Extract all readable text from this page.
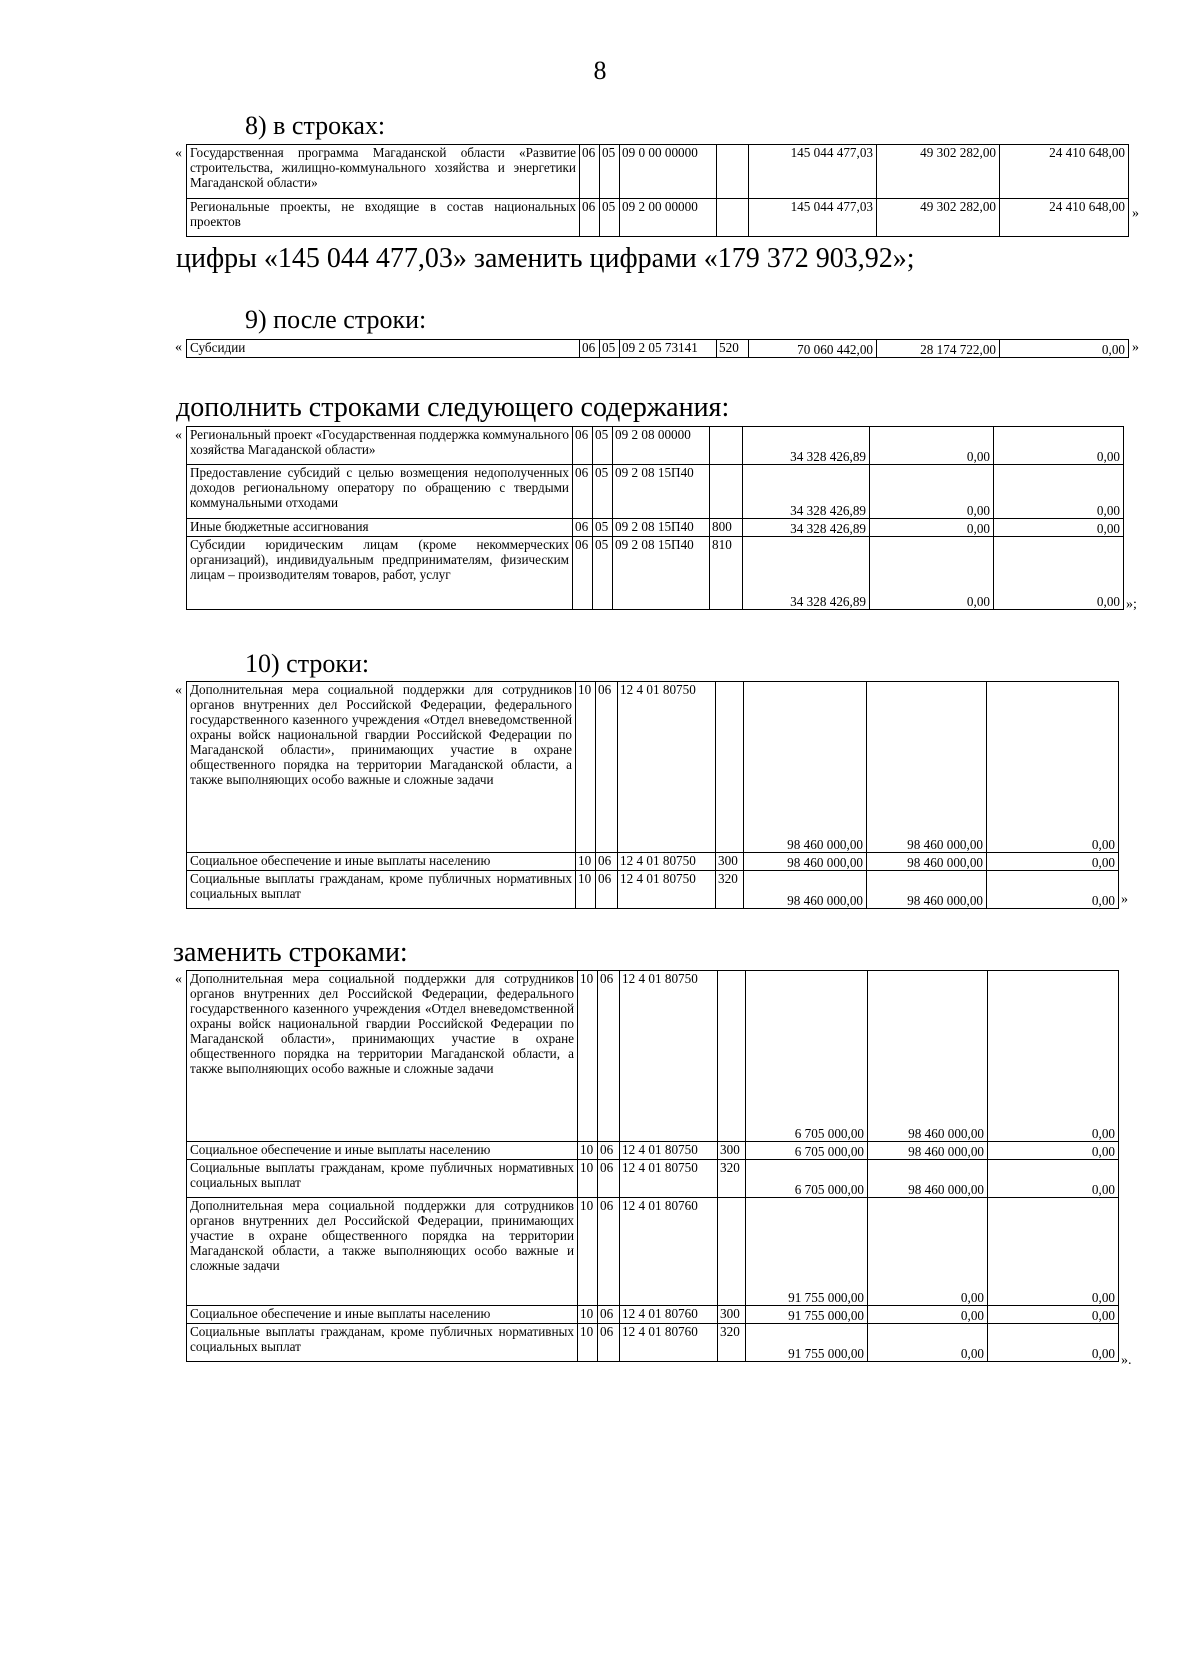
8
8) в строках:
« Государственная программа Магаданской области «Развитие строительства, жилищно-коммунального хозяйства и энергетики Магаданской области»	06	05	09 0 00 00000		145 044 477,03	49 302 282,00	24 410 648,00
Региональные проекты, не входящие в состав национальных проектов	06	05	09 2 00 00000		145 044 477,03	49 302 282,00	24 410 648,00 »
цифры «145 044 477,03» заменить цифрами «179 372 903,92»;
9) после строки:
« Субсидии	06	05	09 2 05 73141	520	70 060 442,00	28 174 722,00	0,00 »
дополнить строками следующего содержания:
« Региональный проект «Государственная поддержка коммунального хозяйства Магаданской области»	06	05	09 2 08 00000		34 328 426,89	0,00	0,00
Предоставление субсидий с целью возмещения недополученных доходов региональному оператору по обращению с твердыми коммунальными отходами	06	05	09 2 08 15П40		34 328 426,89	0,00	0,00
Иные бюджетные ассигнования	06	05	09 2 08 15П40	800	34 328 426,89	0,00	0,00
Субсидии юридическим лицам (кроме некоммерческих организаций), индивидуальным предпринимателям, физическим лицам – производителям товаров, работ, услуг	06	05	09 2 08 15П40	810	34 328 426,89	0,00	0,00 »;
10) строки:
« Дополнительная мера социальной поддержки для сотрудников органов внутренних дел Российской Федерации, федерального государственного казенного учреждения «Отдел вневедомственной охраны войск национальной гвардии Российской Федерации по Магаданской области», принимающих участие в охране общественного порядка на территории Магаданской области, а также выполняющих особо важные и сложные задачи	10	06	12 4 01 80750		98 460 000,00	98 460 000,00	0,00
Социальное обеспечение и иные выплаты населению	10	06	12 4 01 80750	300	98 460 000,00	98 460 000,00	0,00
Социальные выплаты гражданам, кроме публичных нормативных социальных выплат	10	06	12 4 01 80750	320	98 460 000,00	98 460 000,00	0,00 »
заменить строками:
« Дополнительная мера социальной поддержки для сотрудников органов внутренних дел Российской Федерации, федерального государственного казенного учреждения «Отдел вневедомственной охраны войск национальной гвардии Российской Федерации по Магаданской области», принимающих участие в охране общественного порядка на территории Магаданской области, а также выполняющих особо важные и сложные задачи	10	06	12 4 01 80750		6 705 000,00	98 460 000,00	0,00
Социальное обеспечение и иные выплаты населению	10	06	12 4 01 80750	300	6 705 000,00	98 460 000,00	0,00
Социальные выплаты гражданам, кроме публичных нормативных социальных выплат	10	06	12 4 01 80750	320	6 705 000,00	98 460 000,00	0,00
Дополнительная мера социальной поддержки для сотрудников органов внутренних дел Российской Федерации, принимающих участие в охране общественного порядка на территории Магаданской области, а также выполняющих особо важные и сложные задачи	10	06	12 4 01 80760		91 755 000,00	0,00	0,00
Социальное обеспечение и иные выплаты населению	10	06	12 4 01 80760	300	91 755 000,00	0,00	0,00
Социальные выплаты гражданам, кроме публичных нормативных социальных выплат	10	06	12 4 01 80760	320	91 755 000,00	0,00	0,00 ».
